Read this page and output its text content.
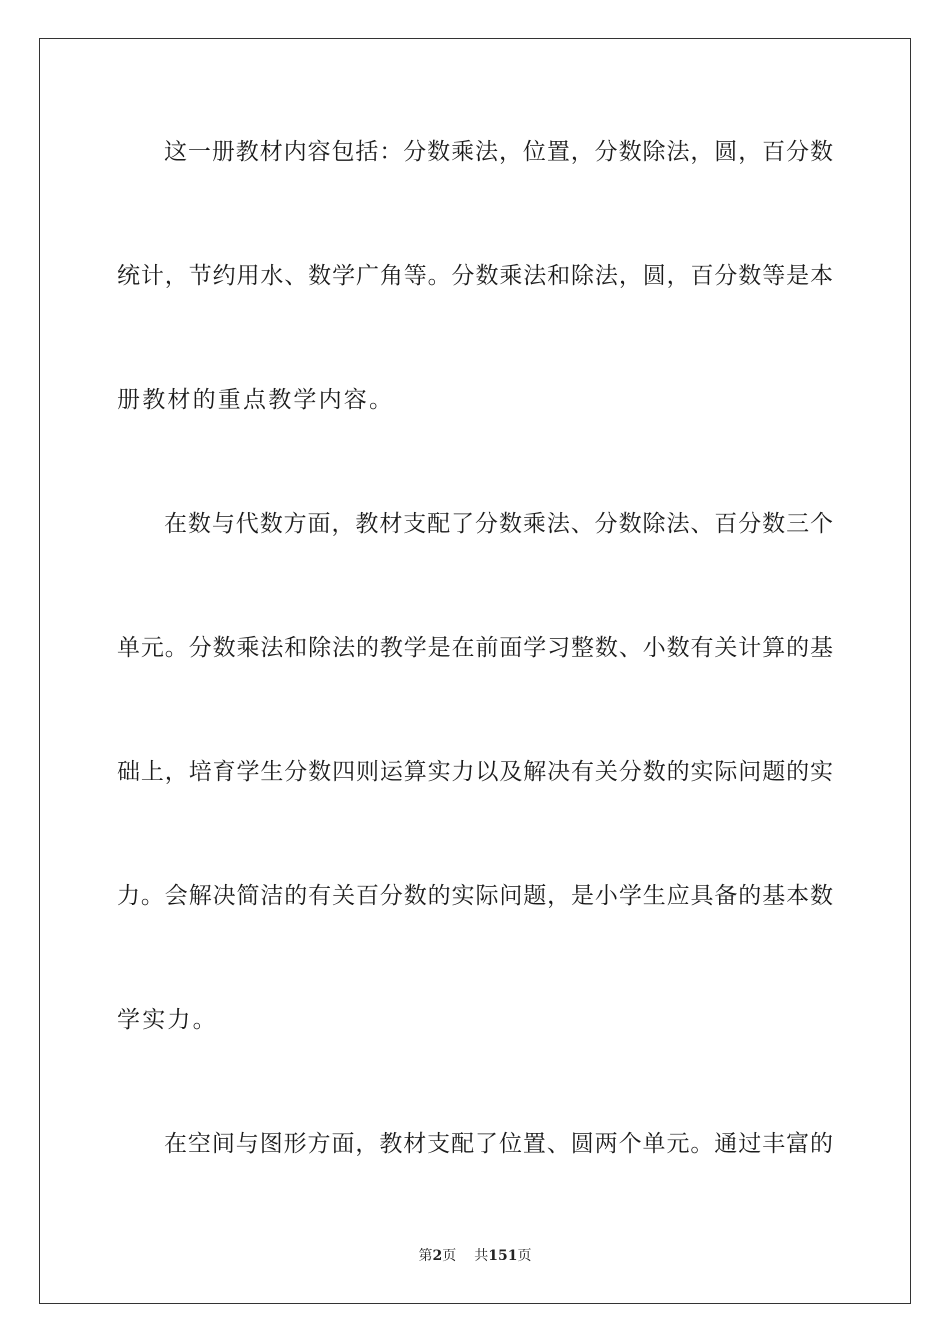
这一册教材内容包括：分数乘法，位置，分数除法，圆，百分数
统计，节约用水、数学广角等。分数乘法和除法，圆，百分数等是本
册教材的重点教学内容。
在数与代数方面，教材支配了分数乘法、分数除法、百分数三个
单元。分数乘法和除法的教学是在前面学习整数、小数有关计算的基
础上，培育学生分数四则运算实力以及解决有关分数的实际问题的实
力。会解决简洁的有关百分数的实际问题，是小学生应具备的基本数
学实力。
在空间与图形方面，教材支配了位置、圆两个单元。通过丰富的
第2页 共151页
